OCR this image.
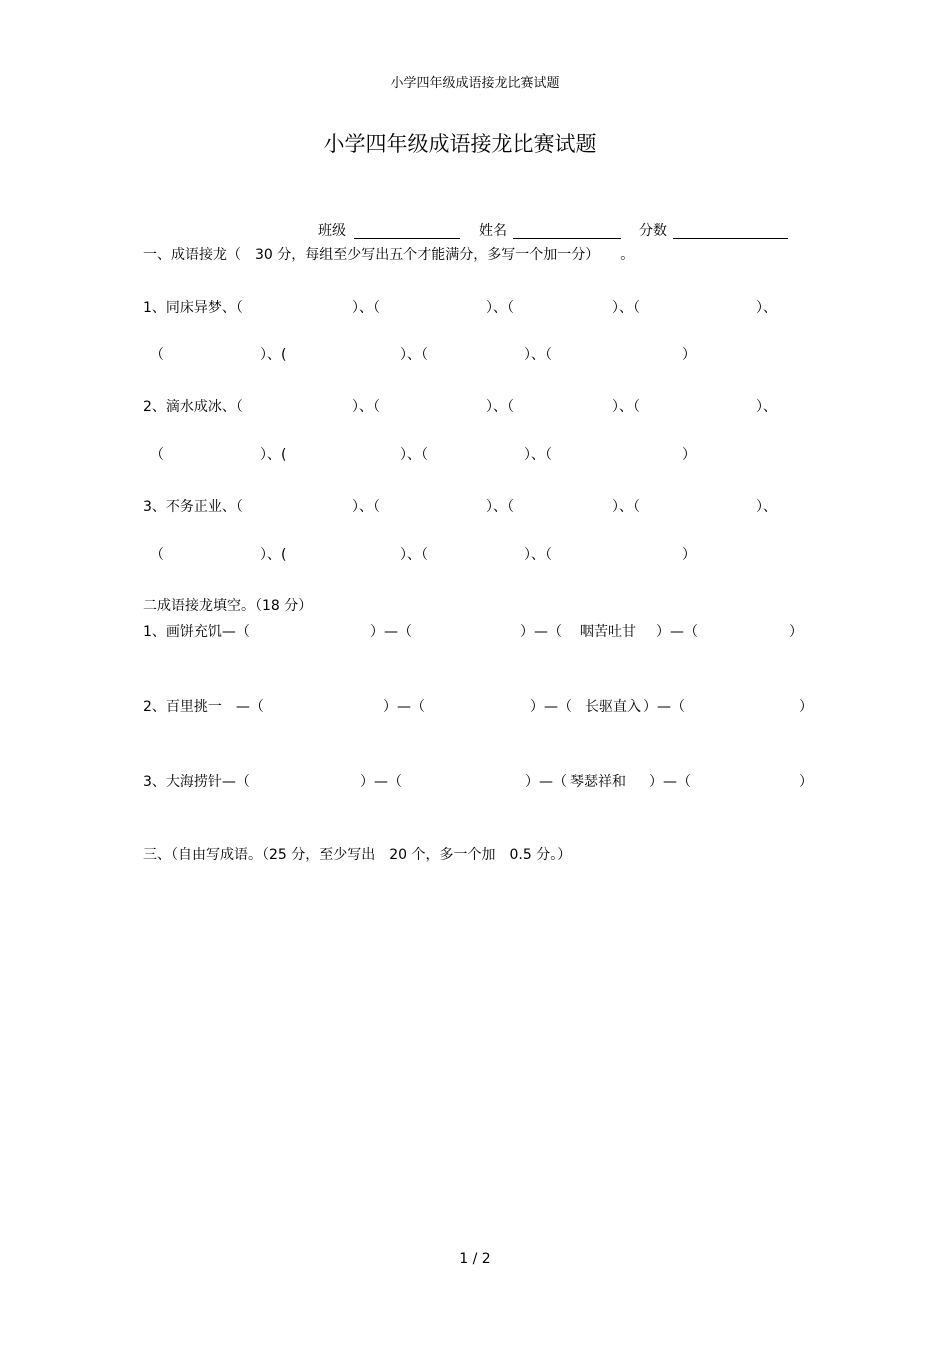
小学四年级成语接龙比赛试题
小学四年级成语接龙比赛试题
班级	姓名	分数
一、成语接龙（　30 分，每组至少写出五个才能满分，多写一个加一分）　　。
1、同床异梦、（	）、（	）、（	）、（	）、
（	）、(	）、（	）、（	）
2、滴水成冰、（	）、（	）、（	）、（	）、
（	）、(	）、（	）、（	）
3、不务正业、（	）、（	）、（	）、（	）、
（	）、(	）、（	）、（	）
二成语接龙填空。（18 分）
1、画饼充饥—（	）—（	）—（ 咽苦吐甘 ）—（	）
2、百里挑一　—（	）—（	）—（ 长驱直入 ）—（	）
3、大海捞针—（	）—（	）—（ 琴瑟祥和 ）—（	）
三、（自由写成语。（25 分，至少写出　20 个，多一个加　0.5 分。）
1 / 2
